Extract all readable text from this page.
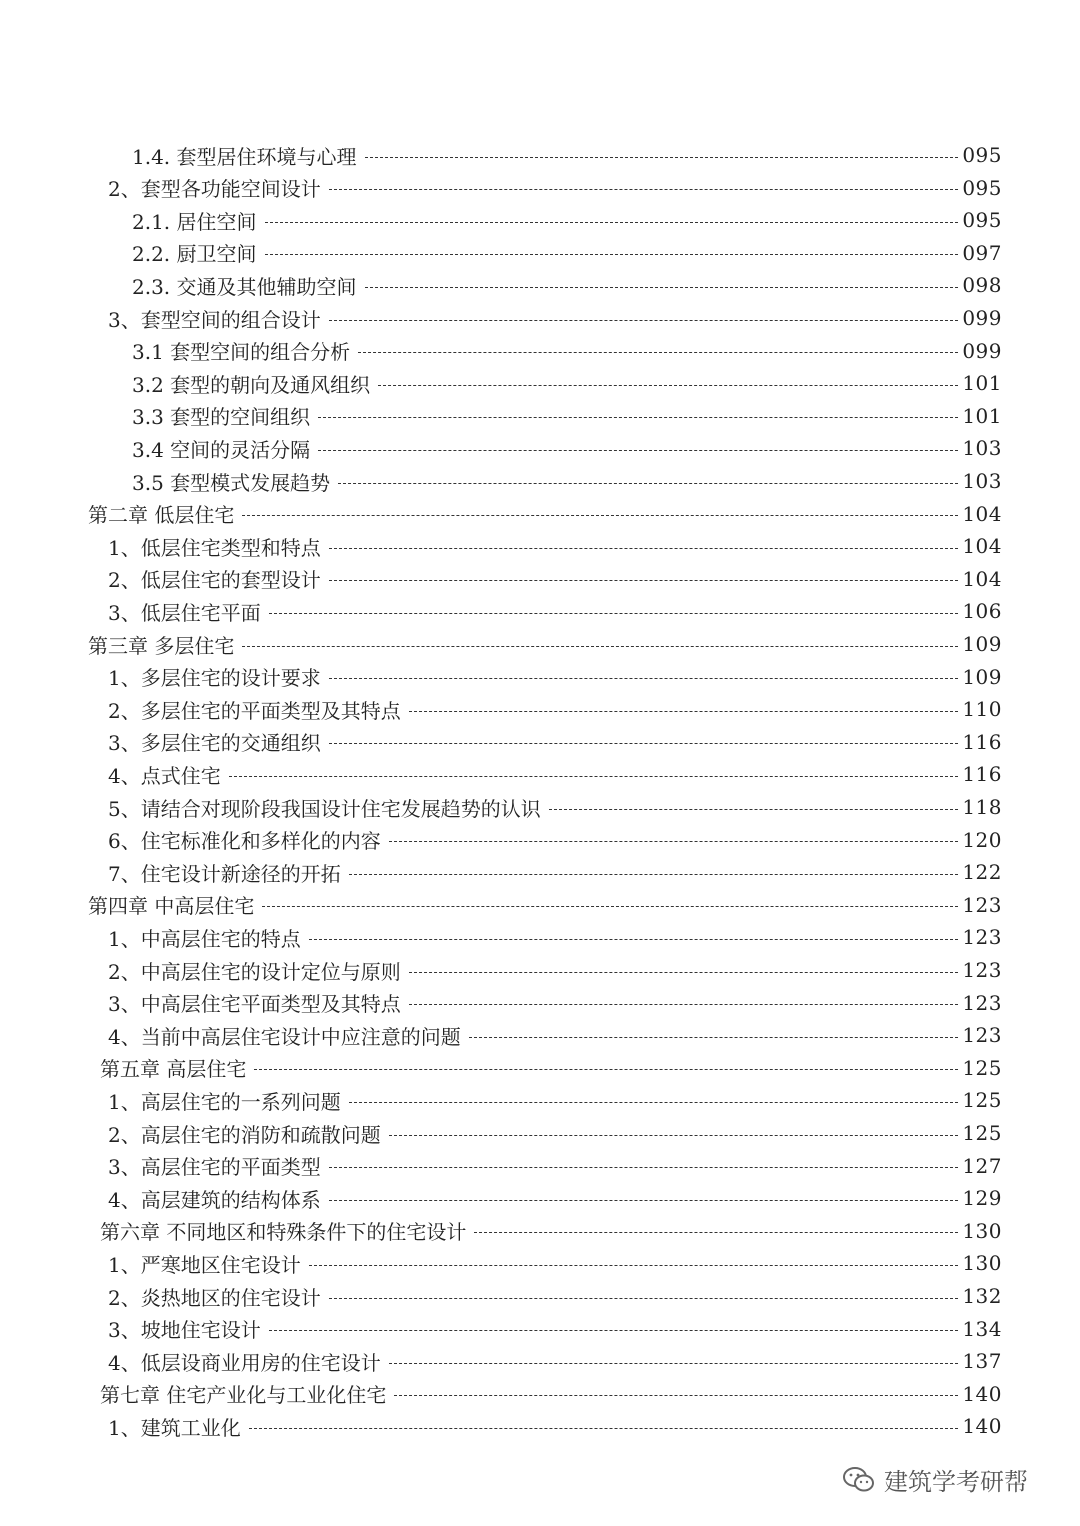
1.4. 套型居住环境与心理	095
2、套型各功能空间设计	095
2.1. 居住空间	095
2.2. 厨卫空间	097
2.3. 交通及其他辅助空间	098
3、套型空间的组合设计	099
3.1 套型空间的组合分析	099
3.2 套型的朝向及通风组织	101
3.3 套型的空间组织	101
3.4 空间的灵活分隔	103
3.5 套型模式发展趋势	103
第二章 低层住宅	104
1、低层住宅类型和特点	104
2、低层住宅的套型设计	104
3、低层住宅平面	106
第三章 多层住宅	109
1、多层住宅的设计要求	109
2、多层住宅的平面类型及其特点	110
3、多层住宅的交通组织	116
4、点式住宅	116
5、请结合对现阶段我国设计住宅发展趋势的认识	118
6、住宅标准化和多样化的内容	120
7、住宅设计新途径的开拓	122
第四章 中高层住宅	123
1、中高层住宅的特点	123
2、中高层住宅的设计定位与原则	123
3、中高层住宅平面类型及其特点	123
4、当前中高层住宅设计中应注意的问题	123
第五章 高层住宅	125
1、高层住宅的一系列问题	125
2、高层住宅的消防和疏散问题	125
3、高层住宅的平面类型	127
4、高层建筑的结构体系	129
第六章 不同地区和特殊条件下的住宅设计	130
1、严寒地区住宅设计	130
2、炎热地区的住宅设计	132
3、坡地住宅设计	134
4、低层设商业用房的住宅设计	137
第七章 住宅产业化与工业化住宅	140
1、建筑工业化	140
建筑学考研帮
